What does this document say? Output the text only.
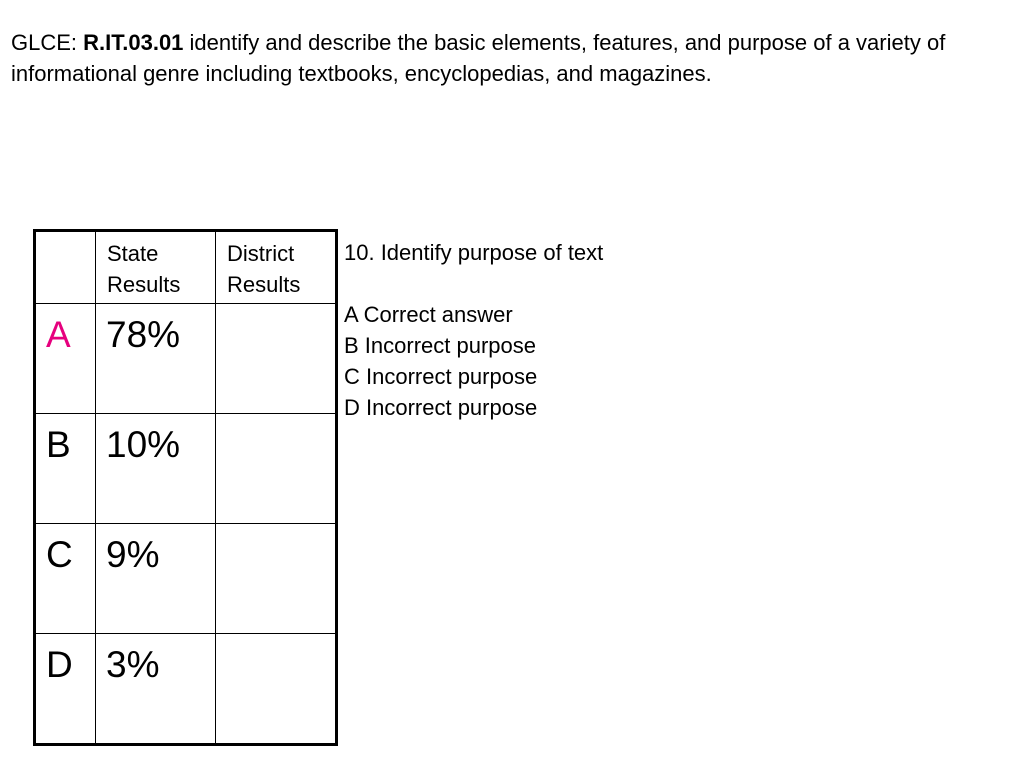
GLCE: R.IT.03.01 identify and describe the basic elements, features, and purpose of a variety of informational genre including textbooks, encyclopedias, and magazines.

	State Results	District Results

A	78%	

B	10%	

C	9%	

D	3%	

10. Identify purpose of text
A Correct answer
B Incorrect purpose
C Incorrect purpose
D Incorrect purpose
